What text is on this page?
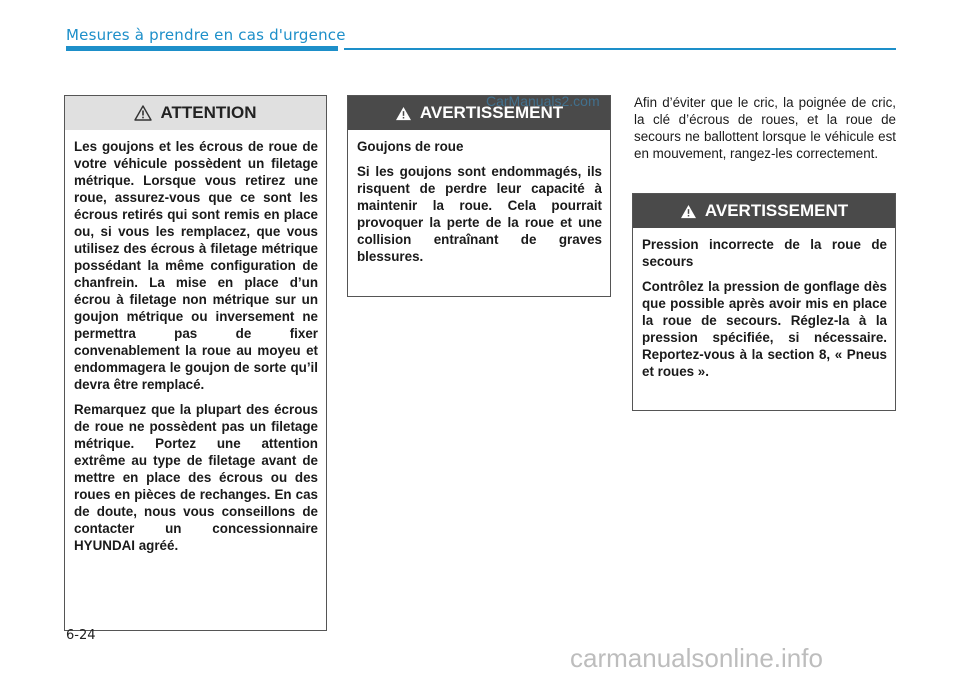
Mesures à prendre en cas d'urgence
ATTENTION

Les goujons et les écrous de roue de votre véhicule possèdent un filetage métrique. Lorsque vous retirez une roue, assurez-vous que ce sont les écrous retirés qui sont remis en place ou, si vous les remplacez, que vous utilisez des écrous à filetage métrique possédant la même configuration de chanfrein. La mise en place d’un écrou à filetage non métrique sur un goujon métrique ou inversement ne permettra pas de fixer convenablement la roue au moyeu et endommagera le goujon de sorte qu’il devra être remplacé.

Remarquez que la plupart des écrous de roue ne possèdent pas un filetage métrique. Portez une attention extrême au type de filetage avant de mettre en place des écrous ou des roues en pièces de rechanges. En cas de doute, nous vous conseillons de contacter un concessionnaire HYUNDAI agréé.

AVERTISSEMENT

Goujons de roue

Si les goujons sont endommagés, ils risquent de perdre leur capacité à maintenir la roue. Cela pourrait provoquer la perte de la roue et une collision entraînant de graves blessures.

Afin d’éviter que le cric, la poignée de cric, la clé d’écrous de roues, et la roue de secours ne ballottent lorsque le véhicule est en mouvement, rangez-les correctement.
AVERTISSEMENT

Pression incorrecte de la roue de secours

Contrôlez la pression de gonflage dès que possible après avoir mis en place la roue de secours. Réglez-la à la pression spécifiée, si nécessaire. Reportez-vous à la section 8, « Pneus et roues ».

CarManuals2.com
6-24
carmanualsonline.info
